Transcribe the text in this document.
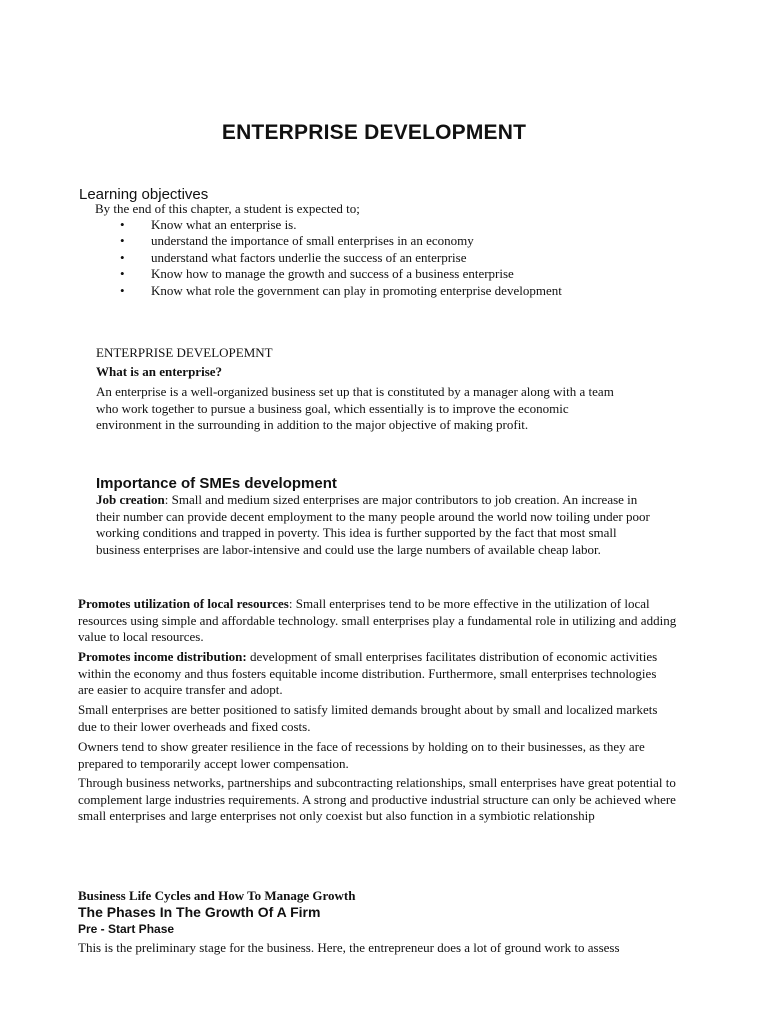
ENTERPRISE DEVELOPMENT
Learning objectives

By the end of this chapter, a student is expected to;

• Know what an enterprise is.
• understand the importance of small enterprises in an economy
• understand what factors underlie the success of an enterprise
• Know how to manage the growth and success of a business enterprise
• Know what role the government can play in promoting enterprise development

ENTERPRISE DEVELOPEMNT

What is an enterprise?

An enterprise is a well-organized business set up that is constituted by a manager along with a team who work together to pursue a business goal, which essentially is to improve the economic environment in the surrounding in addition to the major objective of making profit.

Importance of SMEs development

Job creation: Small and medium sized enterprises are major contributors to job creation. An increase in their number can provide decent employment to the many people around the world now toiling under poor working conditions and trapped in poverty. This idea is further supported by the fact that most small business enterprises are labor-intensive and could use the large numbers of available cheap labor.

Promotes utilization of local resources: Small enterprises tend to be more effective in the utilization of local resources using simple and affordable technology. small enterprises play a fundamental role in utilizing and adding value to local resources.

Promotes income distribution: development of small enterprises facilitates distribution of economic activities within the economy and thus fosters equitable income distribution. Furthermore, small enterprises technologies are easier to acquire transfer and adopt.

Small enterprises are better positioned to satisfy limited demands brought about by small and localized markets due to their lower overheads and fixed costs.

Owners tend to show greater resilience in the face of recessions by holding on to their businesses, as they are prepared to temporarily accept lower compensation.

Through business networks, partnerships and subcontracting relationships, small enterprises have great potential to complement large industries requirements. A strong and productive industrial structure can only be achieved where small enterprises and large enterprises not only coexist but also function in a symbiotic relationship

Business Life Cycles and How To Manage Growth

The Phases In The Growth Of A Firm
Pre - Start Phase

This is the preliminary stage for the business. Here, the entrepreneur does a lot of ground work to assess
